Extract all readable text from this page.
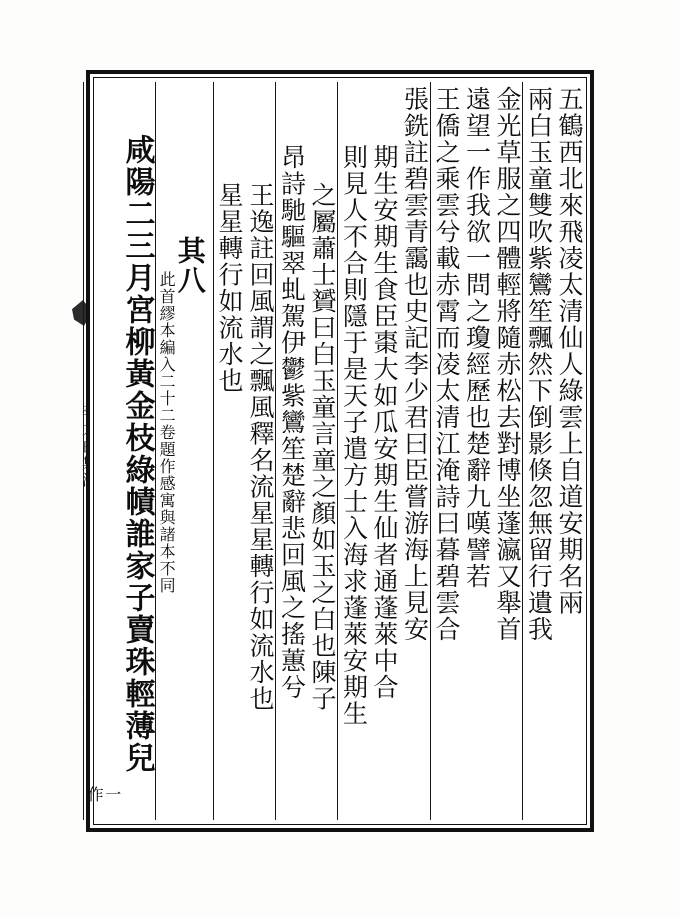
五鶴西北來飛凌太清仙人綠雲上自道安期名兩
兩白玉童雙吹紫鸞笙飄然下倒影倏忽無留行遺我
金光草服之四體輕將隨赤松去對博坐蓬瀛又舉首
遠望一作我欲一問之瓊經歷也楚辭九嘆譬若
王僑之乘雲兮載赤霄而凌太清江淹詩曰暮碧雲合
張銑註碧雲青靄也史記李少君曰臣嘗游海上見安
期生安期生食臣棗大如瓜安期生仙者通蓬萊中合
則見人不合則隱于是天子遣方士入海求蓬萊安期生
之屬蕭士贇曰白玉童言童之顏如玉之白也陳子
昂詩馳驅翠虬駕伊鬱紫鸞笙楚辭悲回風之搖蕙兮
王逸註回風謂之飄風釋名流星星轉行如流水也
星星轉行如流水也
其八
此首繆本編入二十二卷題作感寓與諸本不同
咸陽二三月宮柳黃金枝綠幘誰家子賣珠輕薄兒
一作
